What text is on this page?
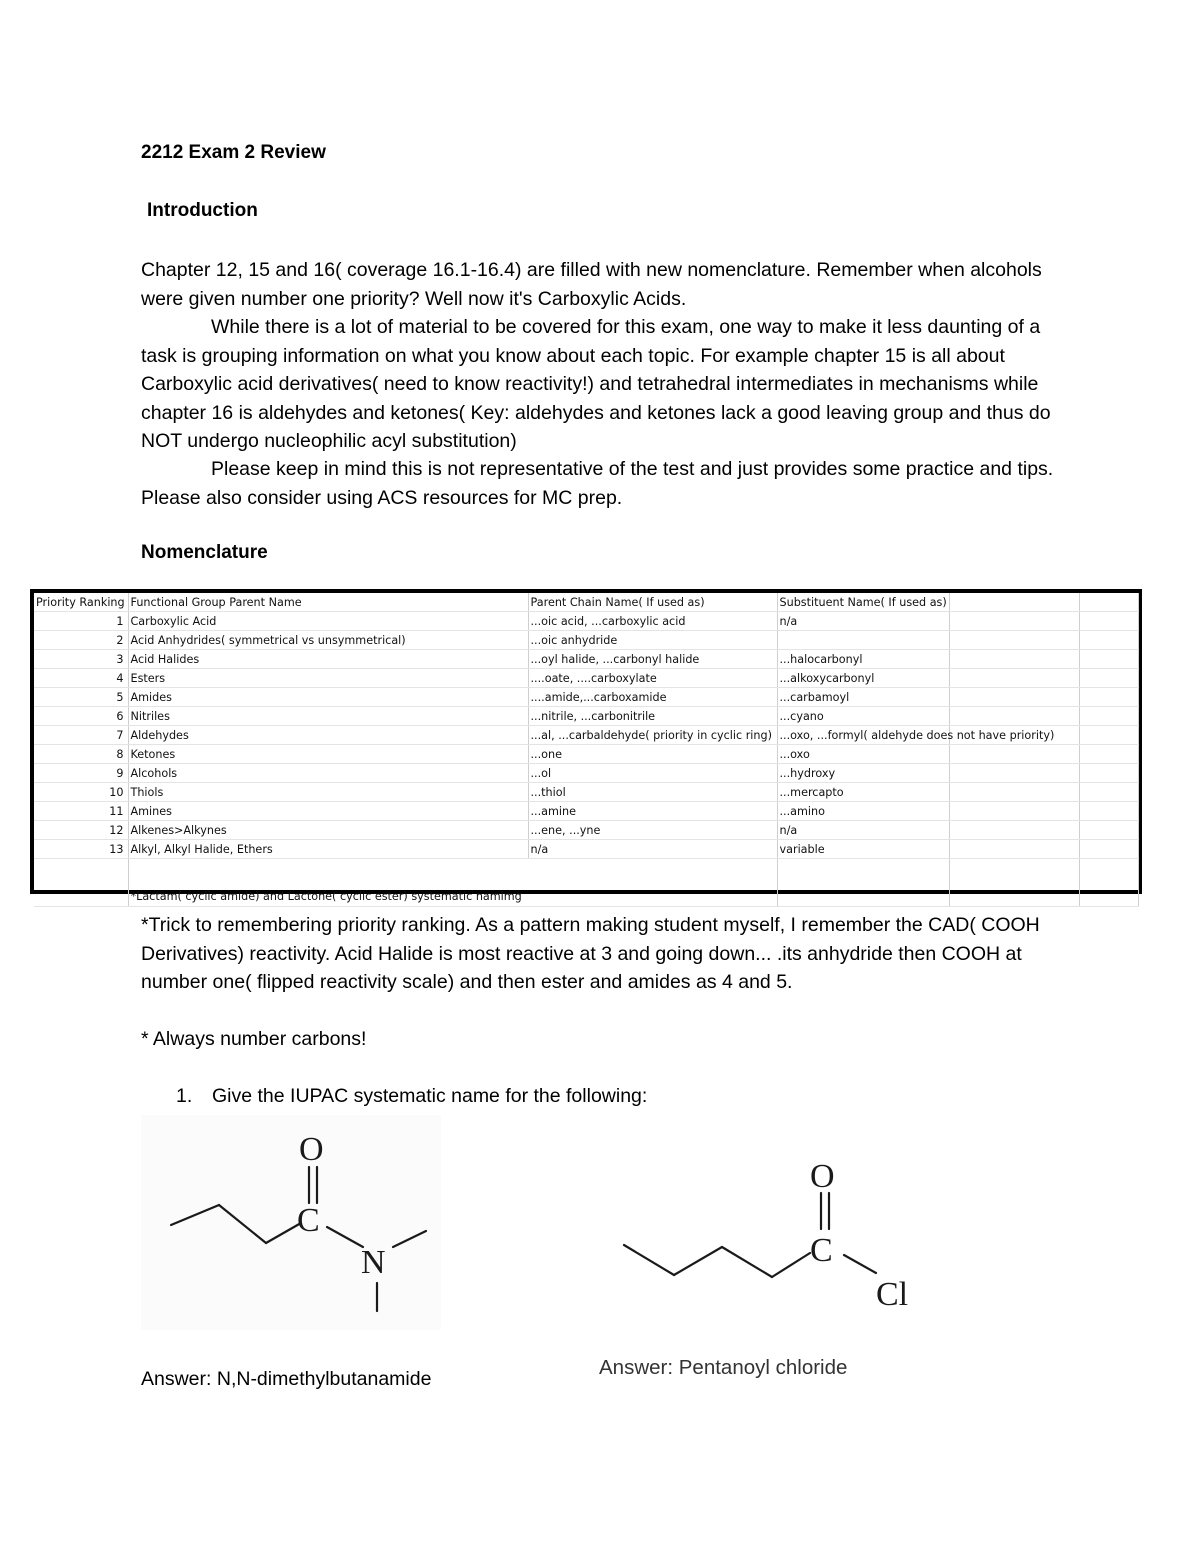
2212 Exam 2 Review
Introduction

Chapter 12, 15 and 16( coverage 16.1-16.4) are filled with new nomenclature. Remember when alcohols were given number one priority? Well now it's Carboxylic Acids.

While there is a lot of material to be covered for this exam, one way to make it less daunting of a task is grouping information on what you know about each topic. For example chapter 15 is all about Carboxylic acid derivatives( need to know reactivity!) and tetrahedral intermediates in mechanisms while chapter 16 is aldehydes and ketones( Key: aldehydes and ketones lack a good leaving group and thus do NOT undergo nucleophilic acyl substitution)

Please keep in mind this is not representative of the test and just provides some practice and tips. Please also consider using ACS resources for MC prep.

Nomenclature
Priority Ranking	Functional Group Parent Name	Parent Chain Name( If used as)	Substituent Name( If used as)		
1	Carboxylic Acid	...oic acid, ...carboxylic acid	n/a		
2	Acid Anhydrides( symmetrical vs unsymmetrical)	...oic anhydride			
3	Acid Halides	...oyl halide, ...carbonyl halide	...halocarbonyl		
4	Esters	....oate, ....carboxylate	...alkoxycarbonyl		
5	Amides	....amide,...carboxamide	...carbamoyl		
6	Nitriles	...nitrile, ...carbonitrile	...cyano		
7	Aldehydes	...al, ...carbaldehyde( priority in cyclic ring)	...oxo, ...formyl( aldehyde does not have priority)		
8	Ketones	...one	...oxo		
9	Alcohols	...ol	...hydroxy		
10	Thiols	...thiol	...mercapto		
11	Amines	...amine	...amino		
12	Alkenes>Alkynes	...ene, ...yne	n/a		
13	Alkyl, Alkyl Halide, Ethers	n/a	variable		
	*Lactam( cyclic amide) and Lactone( cyclic ester) systematic namimg				

*Trick to remembering priority ranking. As a pattern making student myself, I remember the CAD( COOH Derivatives) reactivity. Acid Halide is most reactive at 3 and going down... .its anhydride then COOH at number one( flipped reactivity scale) and then ester and amides as 4 and 5.

* Always number carbons!

1. Give the IUPAC systematic name for the following:
O
C
N
O
C
Cl
Answer: N,N-dimethylbutanamide	Answer: Pentanoyl chloride
